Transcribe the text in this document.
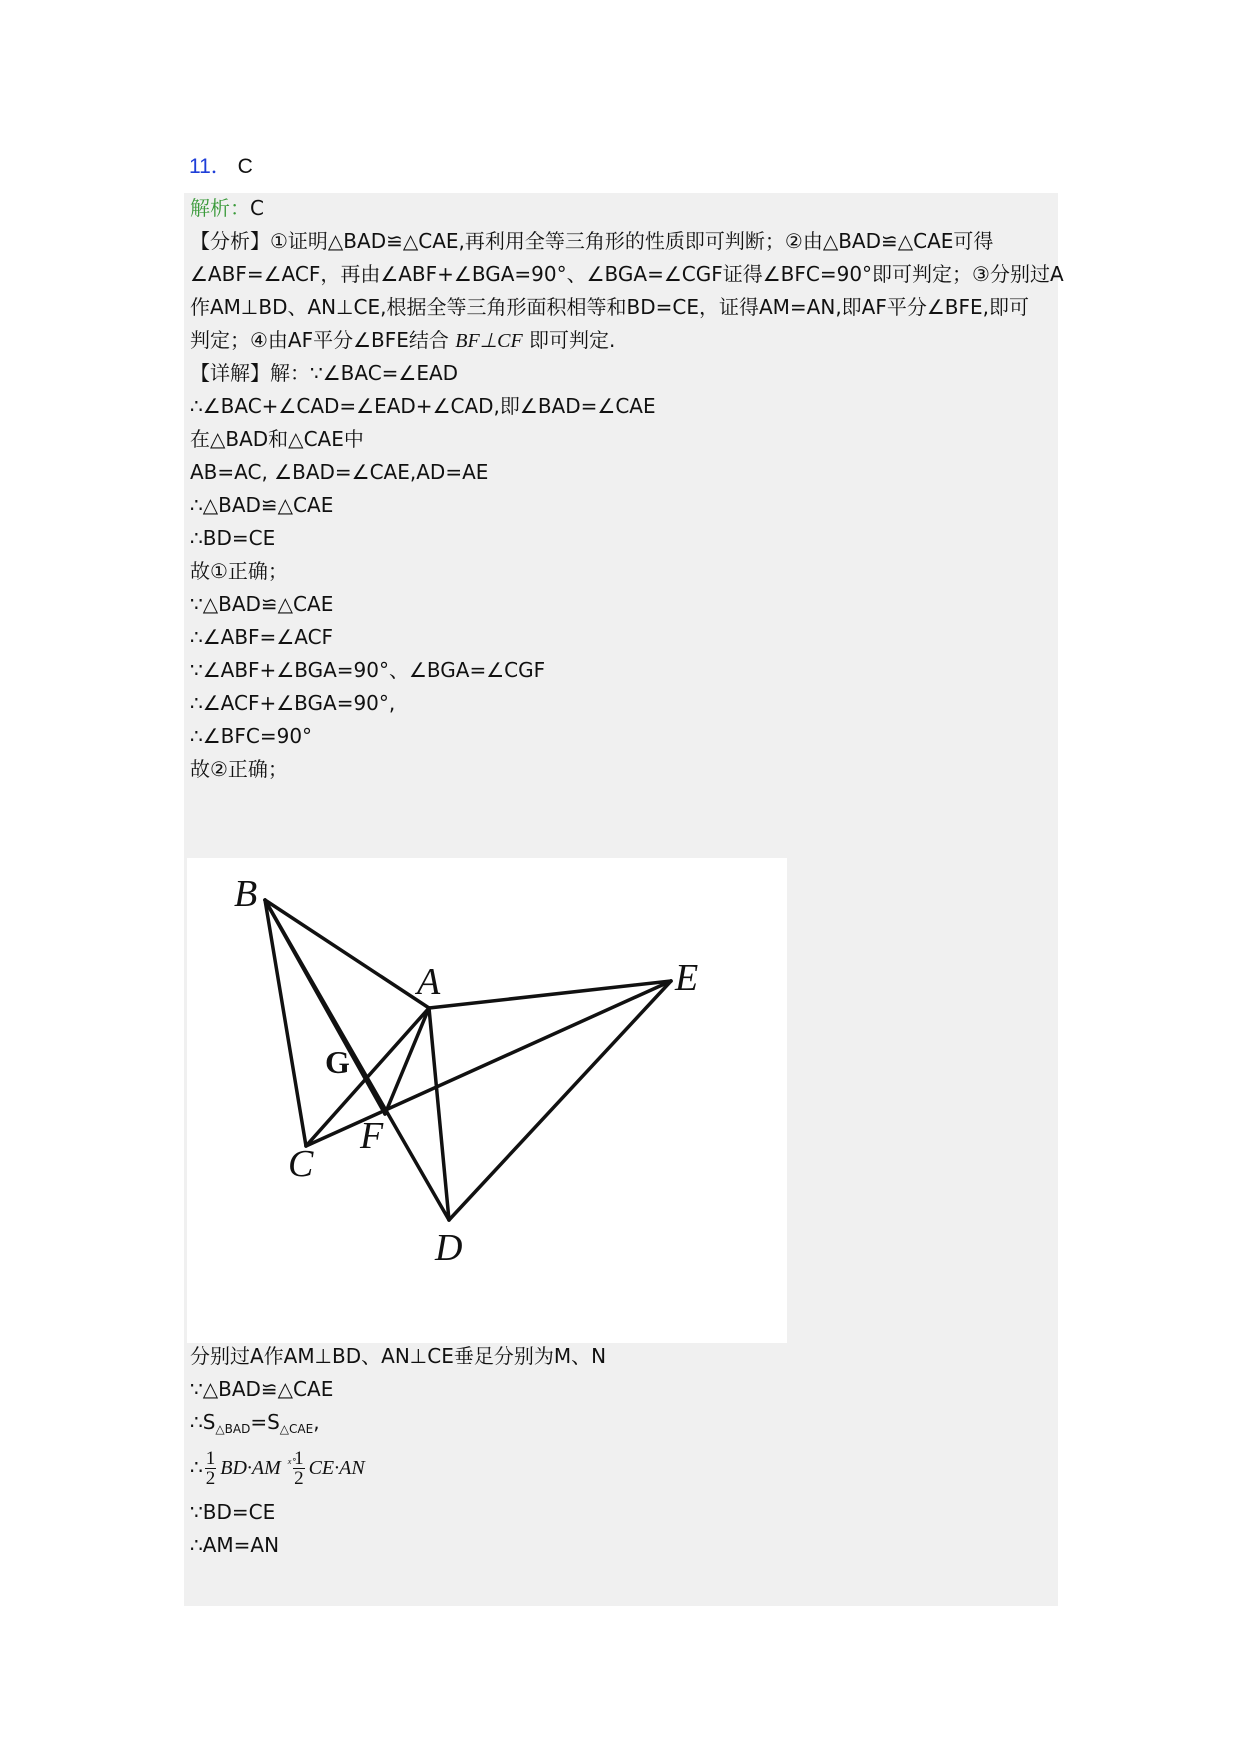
11． C
解析：C
【分析】①证明△BAD≌△CAE,再利用全等三角形的性质即可判断；②由△BAD≌△CAE可得
∠ABF=∠ACF，再由∠ABF+∠BGA=90°、∠BGA=∠CGF证得∠BFC=90°即可判定；③分别过A
作AM⊥BD、AN⊥CE,根据全等三角形面积相等和BD=CE，证得AM=AN,即AF平分∠BFE,即可
判定；④由AF平分∠BFE结合 BF⊥CF 即可判定.
【详解】解：∵∠BAC=∠EAD
∴∠BAC+∠CAD=∠EAD+∠CAD,即∠BAD=∠CAE
在△BAD和△CAE中
AB=AC, ∠BAD=∠CAE,AD=AE
∴△BAD≌△CAE
∴BD=CE
故①正确；
∵△BAD≌△CAE
∴∠ABF=∠ACF
∵∠ABF+∠BGA=90°、∠BGA=∠CGF
∴∠ACF+∠BGA=90°,
∴∠BFC=90°
故②正确；
B
A	E
G
C
F
D
分别过A作AM⊥BD、AN⊥CE垂足分别为M、N
∵△BAD≌△CAE
$\therefore S_{\triangle BAD}=S_{\triangle CAE}$,
∴ $\frac{1}{2} BD\cdot AM$ $^{ˣ̊} \frac{1}{2} CE\cdot AN$
∵BD=CE
∴AM=AN
